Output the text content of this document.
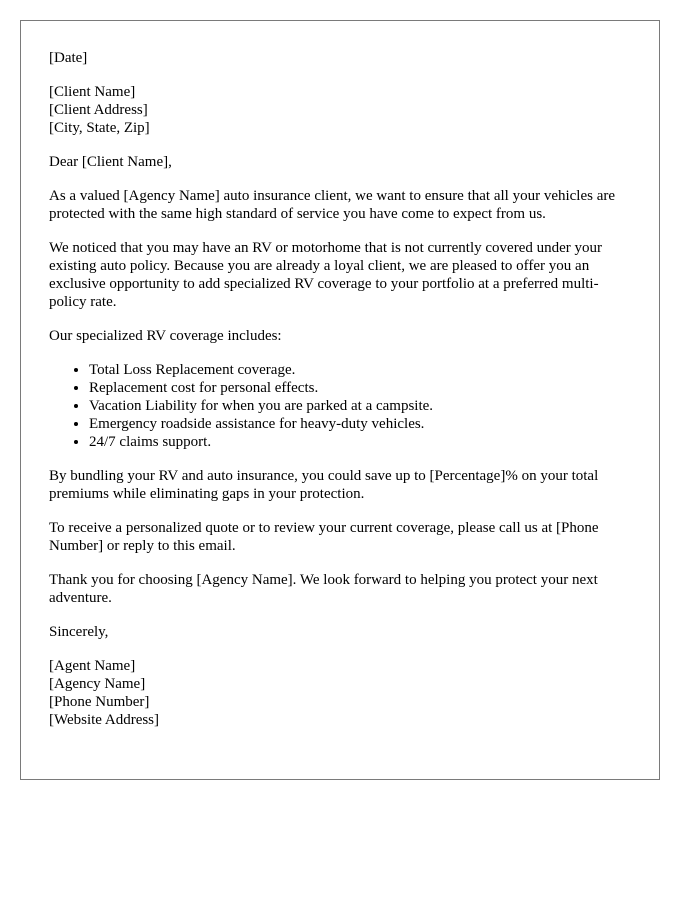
[Date]
[Client Name]
[Client Address]
[City, State, Zip]

Dear [Client Name],

As a valued [Agency Name] auto insurance client, we want to ensure that all your vehicles are protected with the same high standard of service you have come to expect from us.

We noticed that you may have an RV or motorhome that is not currently covered under your existing auto policy. Because you are already a loyal client, we are pleased to offer you an exclusive opportunity to add specialized RV coverage to your portfolio at a preferred multi-policy rate.

Our specialized RV coverage includes:

• Total Loss Replacement coverage.
• Replacement cost for personal effects.
• Vacation Liability for when you are parked at a campsite.
• Emergency roadside assistance for heavy-duty vehicles.
• 24/7 claims support.

By bundling your RV and auto insurance, you could save up to [Percentage]% on your total premiums while eliminating gaps in your protection.

To receive a personalized quote or to review your current coverage, please call us at [Phone Number] or reply to this email.

Thank you for choosing [Agency Name]. We look forward to helping you protect your next adventure.

Sincerely,

[Agent Name]
[Agency Name]
[Phone Number]
[Website Address]
